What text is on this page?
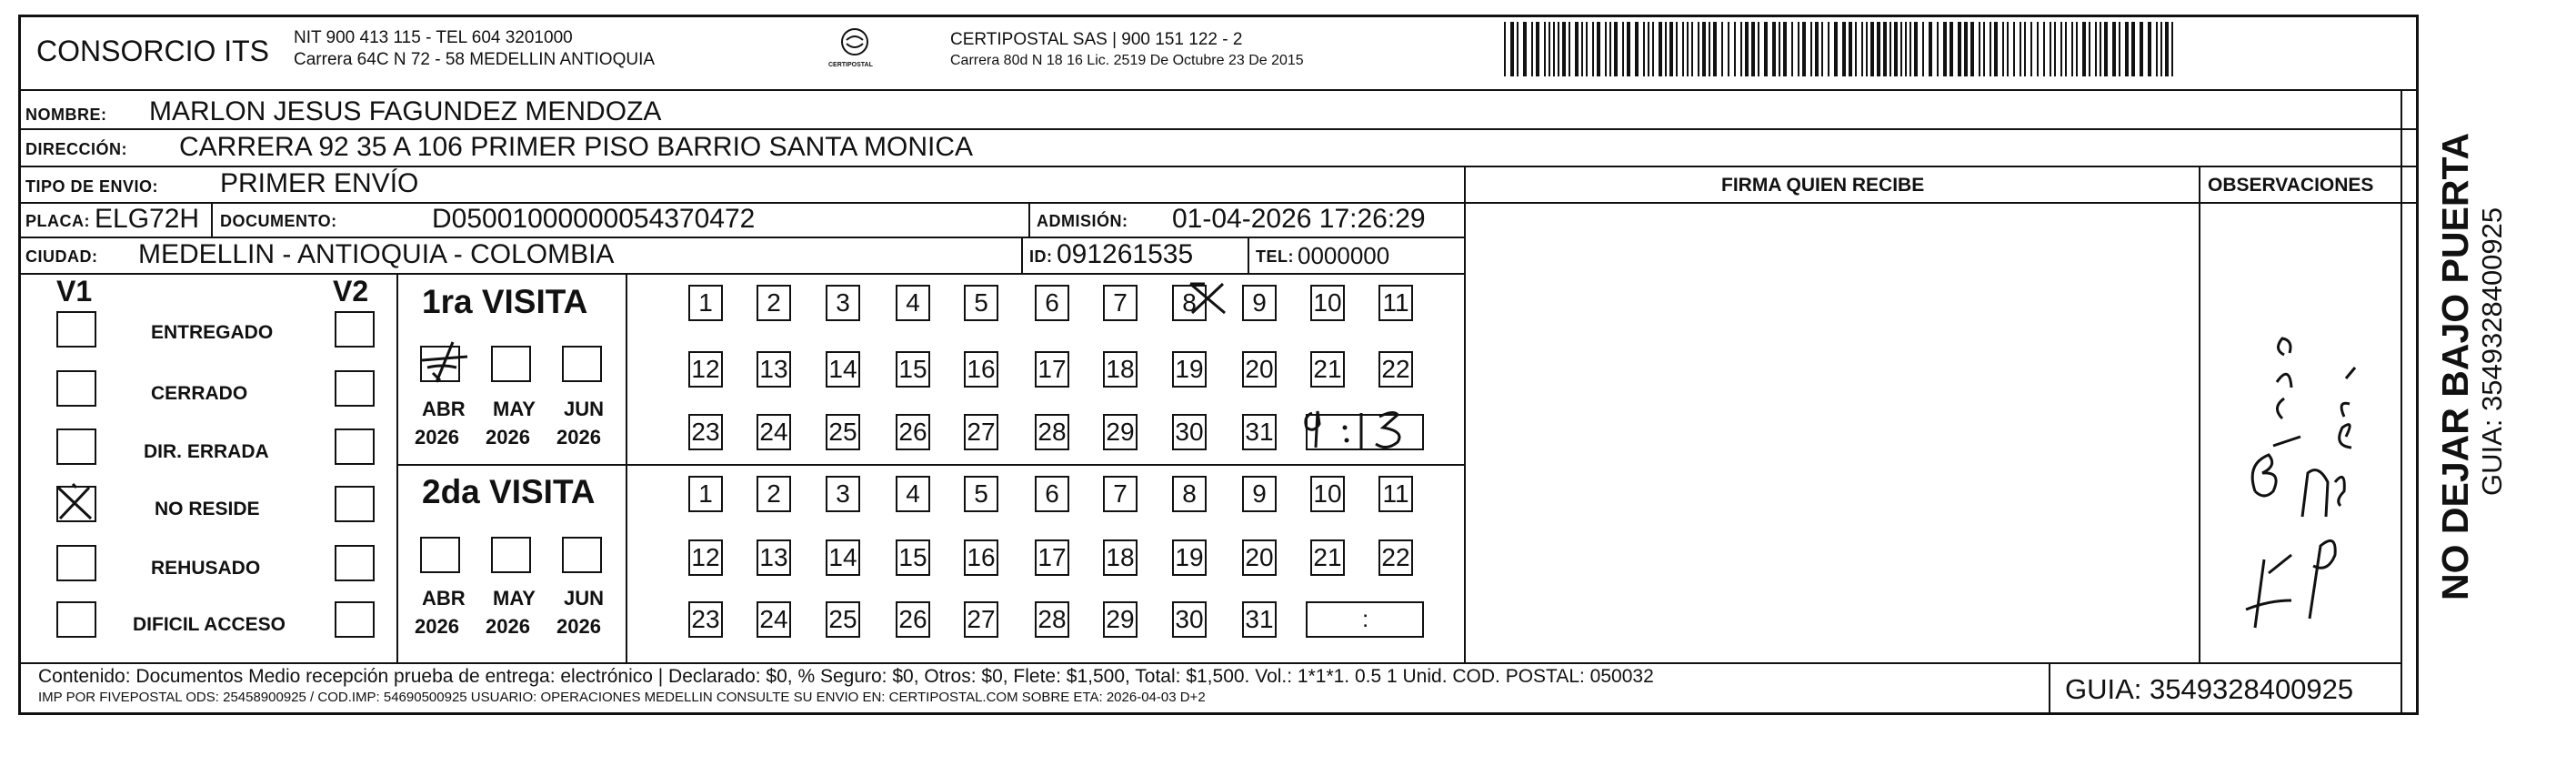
CONSORCIO ITS NIT 900 413 115 - TEL 604 3201000
Carrera 64C N 72 - 58 MEDELLIN ANTIOQUIA	CERTIPOSTAL
CERTIPOSTAL SAS | 900 151 122 - 2
Carrera 80d N 18 16 Lic. 2519 De Octubre 23 De 2015
NOMBRE: MARLON JESUS FAGUNDEZ MENDOZA
DIRECCIÓN: CARRERA 92 35 A 106 PRIMER PISO BARRIO SANTA MONICA
TIPO DE ENVIO: PRIMER ENVÍO	FIRMA QUIEN RECIBE	OBSERVACIONES
PLACA: ELG72H DOCUMENTO:	D05001000000054370472	ADMISIÓN: 01-04-2026 17:26:29
CIUDAD: MEDELLIN - ANTIOQUIA - COLOMBIA	ID: 091261535	TEL: 0000000
V1	V2
ENTREGADO
CERRADO
DIR. ERRADA
NO RESIDE
REHUSADO
DIFICIL ACCESO
1ra VISITA
2da VISITA
1	2	3	4	5	6	7	8	9	10 11
12 13 14 15 16 17 18 19 20 21 22
23 24 25 26 27 28 29 30 31
1	2	3	4	5	6	7	8	9	10 11
12 13 14 15 16 17 18 19 20 21 22
23 24 25 26 27 28 29 30 31	:
ABR
2026
MAY
2026
JUN
2026
ABR
2026
MAY
2026
JUN
2026
Contenido: Documentos Medio recepción prueba de entrega: electrónico | Declarado: $0, % Seguro: $0, Otros: $0, Flete: $1,500, Total: $1,500. Vol.: 1*1*1. 0.5 1 Unid. COD. POSTAL: 050032
IMP POR FIVEPOSTAL ODS: 25458900925 / COD.IMP: 54690500925 USUARIO: OPERACIONES MEDELLIN CONSULTE SU ENVIO EN: CERTIPOSTAL.COM SOBRE ETA: 2026-04-03 D+2	GUIA: 3549328400925
NO DEJAR BAJO PUERTA GUIA: 3549328400925
